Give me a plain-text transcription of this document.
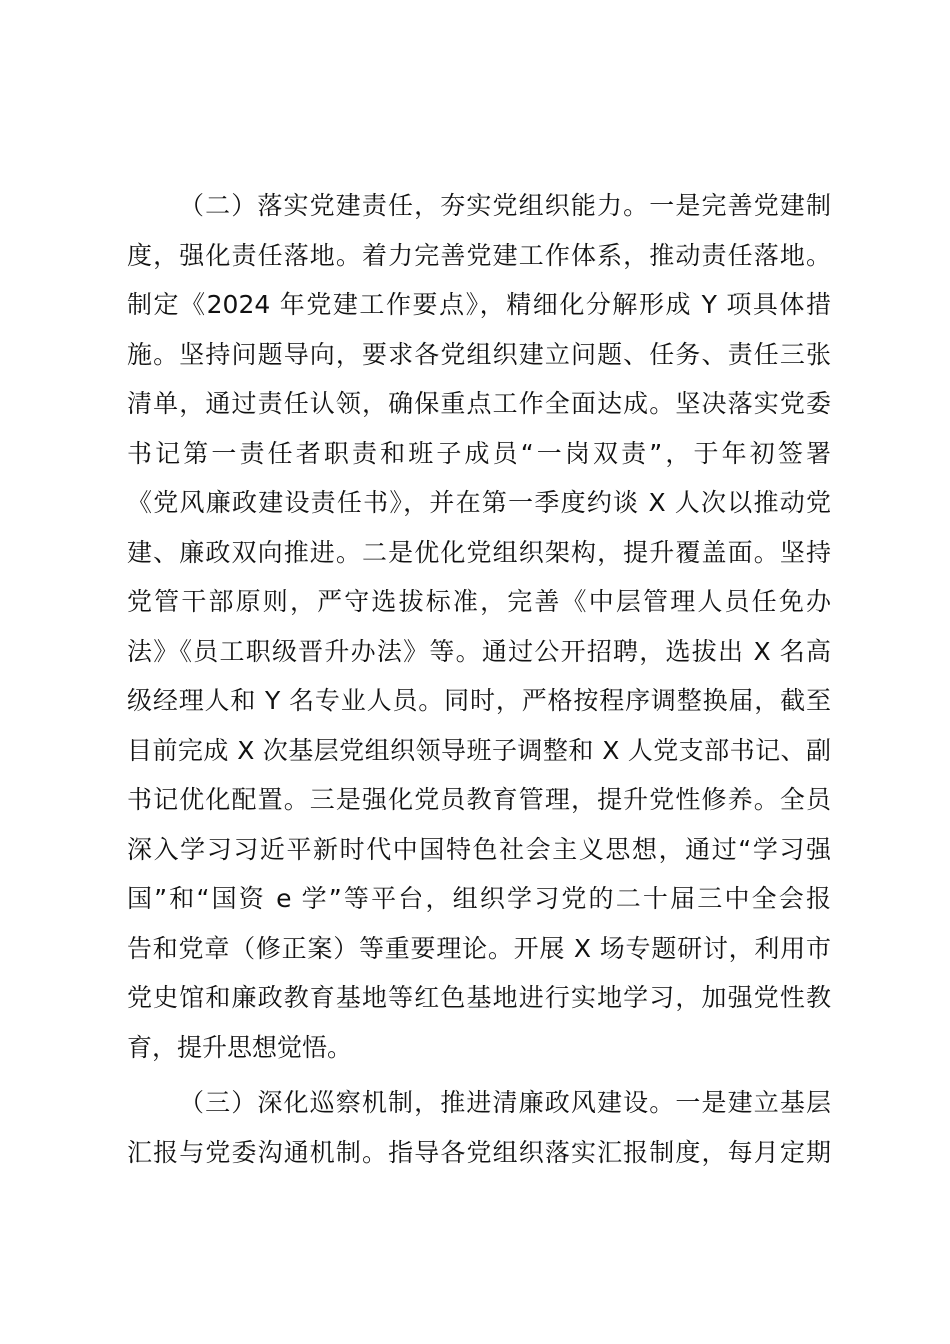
（二）落实党建责任，夯实党组织能力。一是完善党建制
度，强化责任落地。着力完善党建工作体系，推动责任落地。
制定《2024 年党建工作要点》，精细化分解形成 Y 项具体措
施。坚持问题导向，要求各党组织建立问题、任务、责任三张
清单，通过责任认领，确保重点工作全面达成。坚决落实党委
书记第一责任者职责和班子成员“一岗双责”，于年初签署
《党风廉政建设责任书》，并在第一季度约谈 X 人次以推动党
建、廉政双向推进。二是优化党组织架构，提升覆盖面。坚持
党管干部原则，严守选拔标准，完善《中层管理人员任免办
法》《员工职级晋升办法》等。通过公开招聘，选拔出 X 名高
级经理人和 Y 名专业人员。同时，严格按程序调整换届，截至
目前完成 X 次基层党组织领导班子调整和 X 人党支部书记、副
书记优化配置。三是强化党员教育管理，提升党性修养。全员
深入学习习近平新时代中国特色社会主义思想，通过“学习强
国”和“国资 e 学”等平台，组织学习党的二十届三中全会报
告和党章（修正案）等重要理论。开展 X 场专题研讨，利用市
党史馆和廉政教育基地等红色基地进行实地学习，加强党性教
育，提升思想觉悟。
（三）深化巡察机制，推进清廉政风建设。一是建立基层
汇报与党委沟通机制。指导各党组织落实汇报制度，每月定期
